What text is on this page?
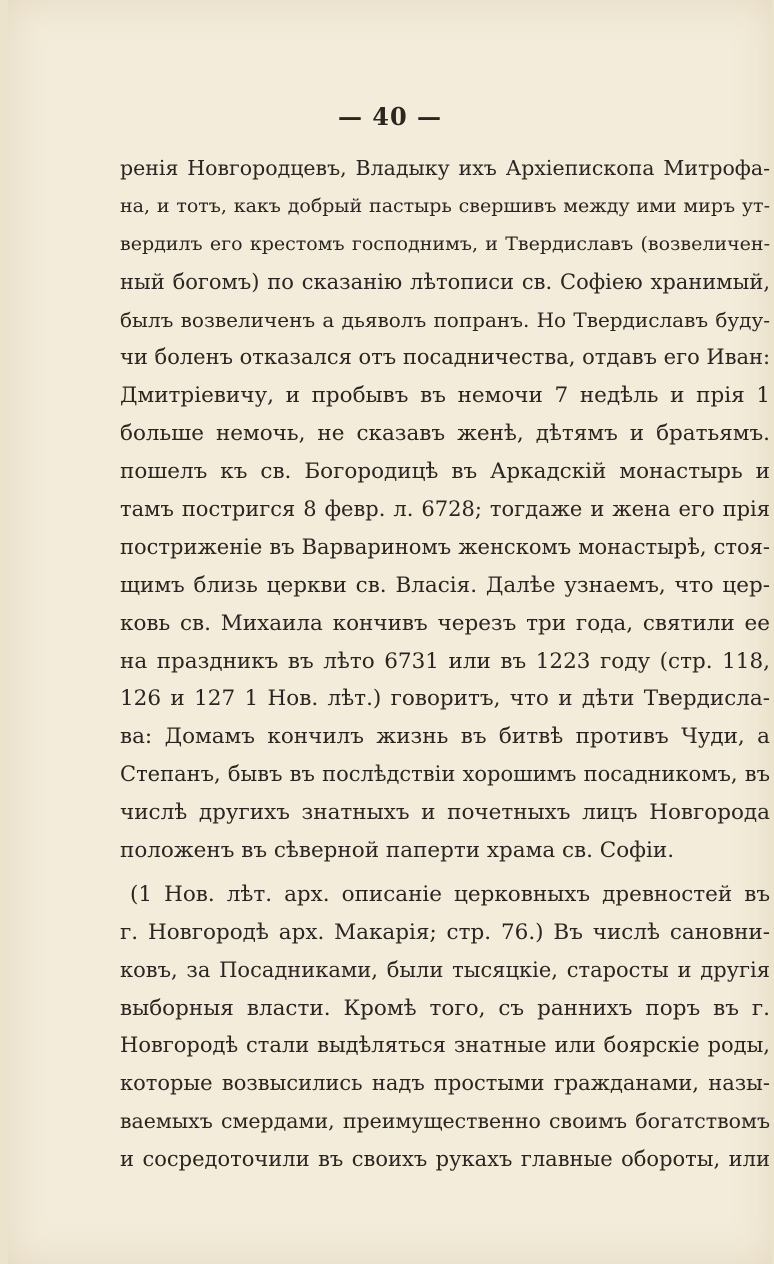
— 40 —
ренія Новгородцевъ, Владыку ихъ Архіепископа Митрофа-
на, и тотъ, какъ добрый пастырь свершивъ между ими миръ ут-
вердилъ его крестомъ господнимъ, и Твердиславъ (возвеличен-
ный богомъ) по сказанію лѣтописи св. Софіею хранимый,
былъ возвеличенъ а дьяволъ попранъ. Но Твердиславъ буду-
чи боленъ отказался отъ посадничества, отдавъ его Иван:
Дмитріевичу, и пробывъ въ немочи 7 недѣль и прія 1
больше немочь, не сказавъ женѣ, дѣтямъ и братьямъ.
пошелъ къ св. Богородицѣ въ Аркадскій монастырь и
тамъ постригся 8 февр. л. 6728; тогдаже и жена его прія
постриженіе въ Варвариномъ женскомъ монастырѣ, стоя-
щимъ близь церкви св. Власія. Далѣе узнаемъ, что цер-
ковь св. Михаила кончивъ черезъ три года, святили ее
на праздникъ въ лѣто 6731 или въ 1223 году (стр. 118,
126 и 127 1 Нов. лѣт.) говоритъ, что и дѣти Твердисла-
ва: Домамъ кончилъ жизнь въ битвѣ противъ Чуди, а
Степанъ, бывъ въ послѣдствіи хорошимъ посадникомъ, въ
числѣ другихъ знатныхъ и почетныхъ лицъ Новгорода
положенъ въ сѣверной паперти храма св. Софіи.
(1 Нов. лѣт. арх. описаніе церковныхъ древностей въ
г. Новгородѣ арх. Макарія; стр. 76.) Въ числѣ сановни-
ковъ, за Посадниками, были тысяцкіе, старосты и другія
выборныя власти. Кромѣ того, съ раннихъ поръ въ г.
Новгородѣ стали выдѣляться знатные или боярскіе роды,
которые возвысились надъ простыми гражданами, назы-
ваемыхъ смердами, преимущественно своимъ богатствомъ
и сосредоточили въ своихъ рукахъ главные обороты, или
